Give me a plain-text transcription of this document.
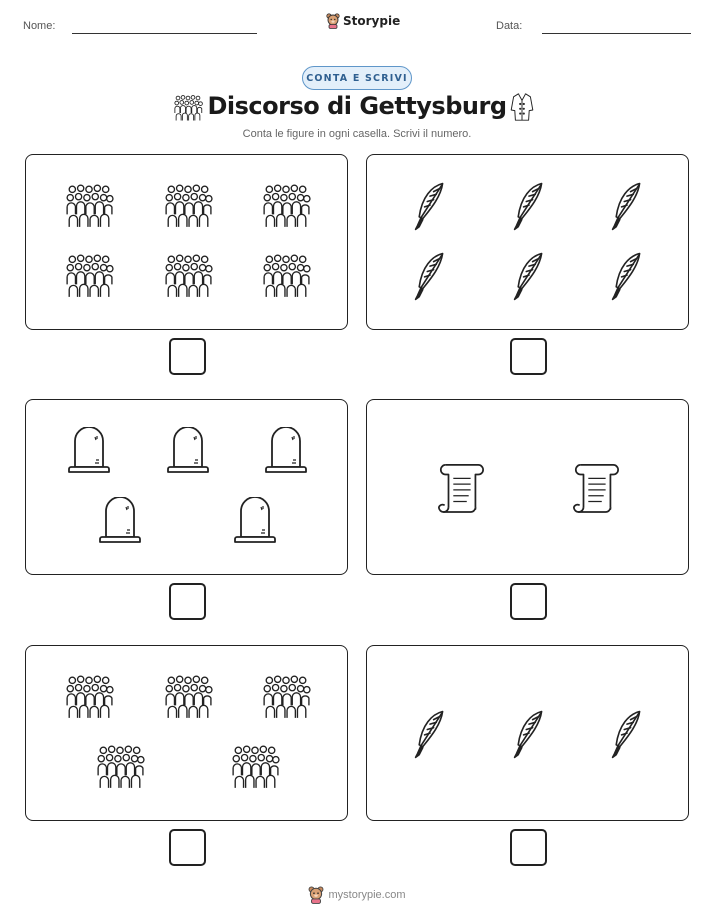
Nome:	Storypie	Data:
CONTA E SCRIVI
Discorso di Gettysburg
Conta le figure in ogni casella. Scrivi il numero.
mystorypie.com
